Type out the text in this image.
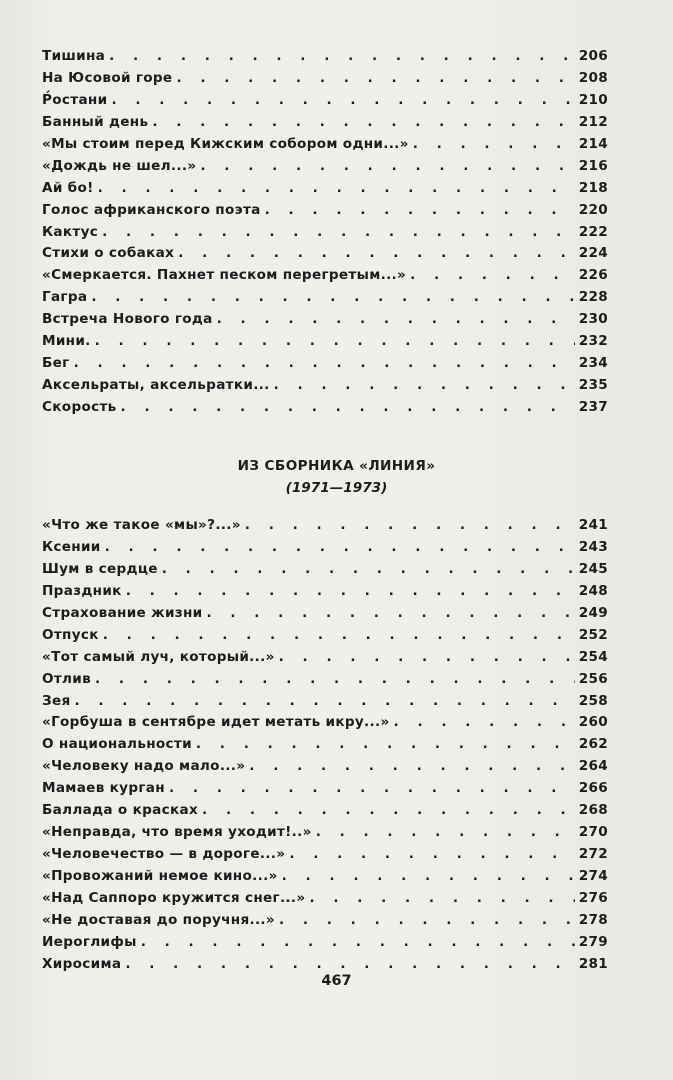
Тишина . . .	206
На Юсовой горе . . .	208
Р́остани . . .	210
Банный день . . .	212
«Мы стоим перед Кижским собором одни...» . . .	214
«Дождь не шел...» . . .	216
Ай бо! . . .	218
Голос африканского поэта . . .	220
Кактус . . .	222
Стихи о собаках . . .	224
«Смеркается. Пахнет песком перегретым...» . . .	226
Гагра . . .	228
Встреча Нового года . . .	230
Мини. . . .	232
Бег . . .	234
Аксельраты, аксельратки... . . .	235
Скорость . . .	237
ИЗ СБОРНИКА «ЛИНИЯ»
(1971—1973)
«Что же такое «мы»?...» . . .	241
Ксении . . .	243
Шум в сердце . . .	245
Праздник . . .	248
Страхование жизни . . .	249
Отпуск . . .	252
«Тот самый луч, который...» . . .	254
Отлив . . .	256
Зея . . .	258
«Горбуша в сентябре идет метать икру...» . . .	260
О национальности . . .	262
«Человеку надо мало...» . . .	264
Мамаев курган . . .	266
Баллада о красках . . .	268
«Неправда, что время уходит!..» . . .	270
«Человечество — в дороге...» . . .	272
«Провожаний немое кино...» . . .	274
«Над Саппоро кружится снег...» . . .	276
«Не доставая до поручня...» . . .	278
Иероглифы . . .	279
Хиросима . . .	281
467
